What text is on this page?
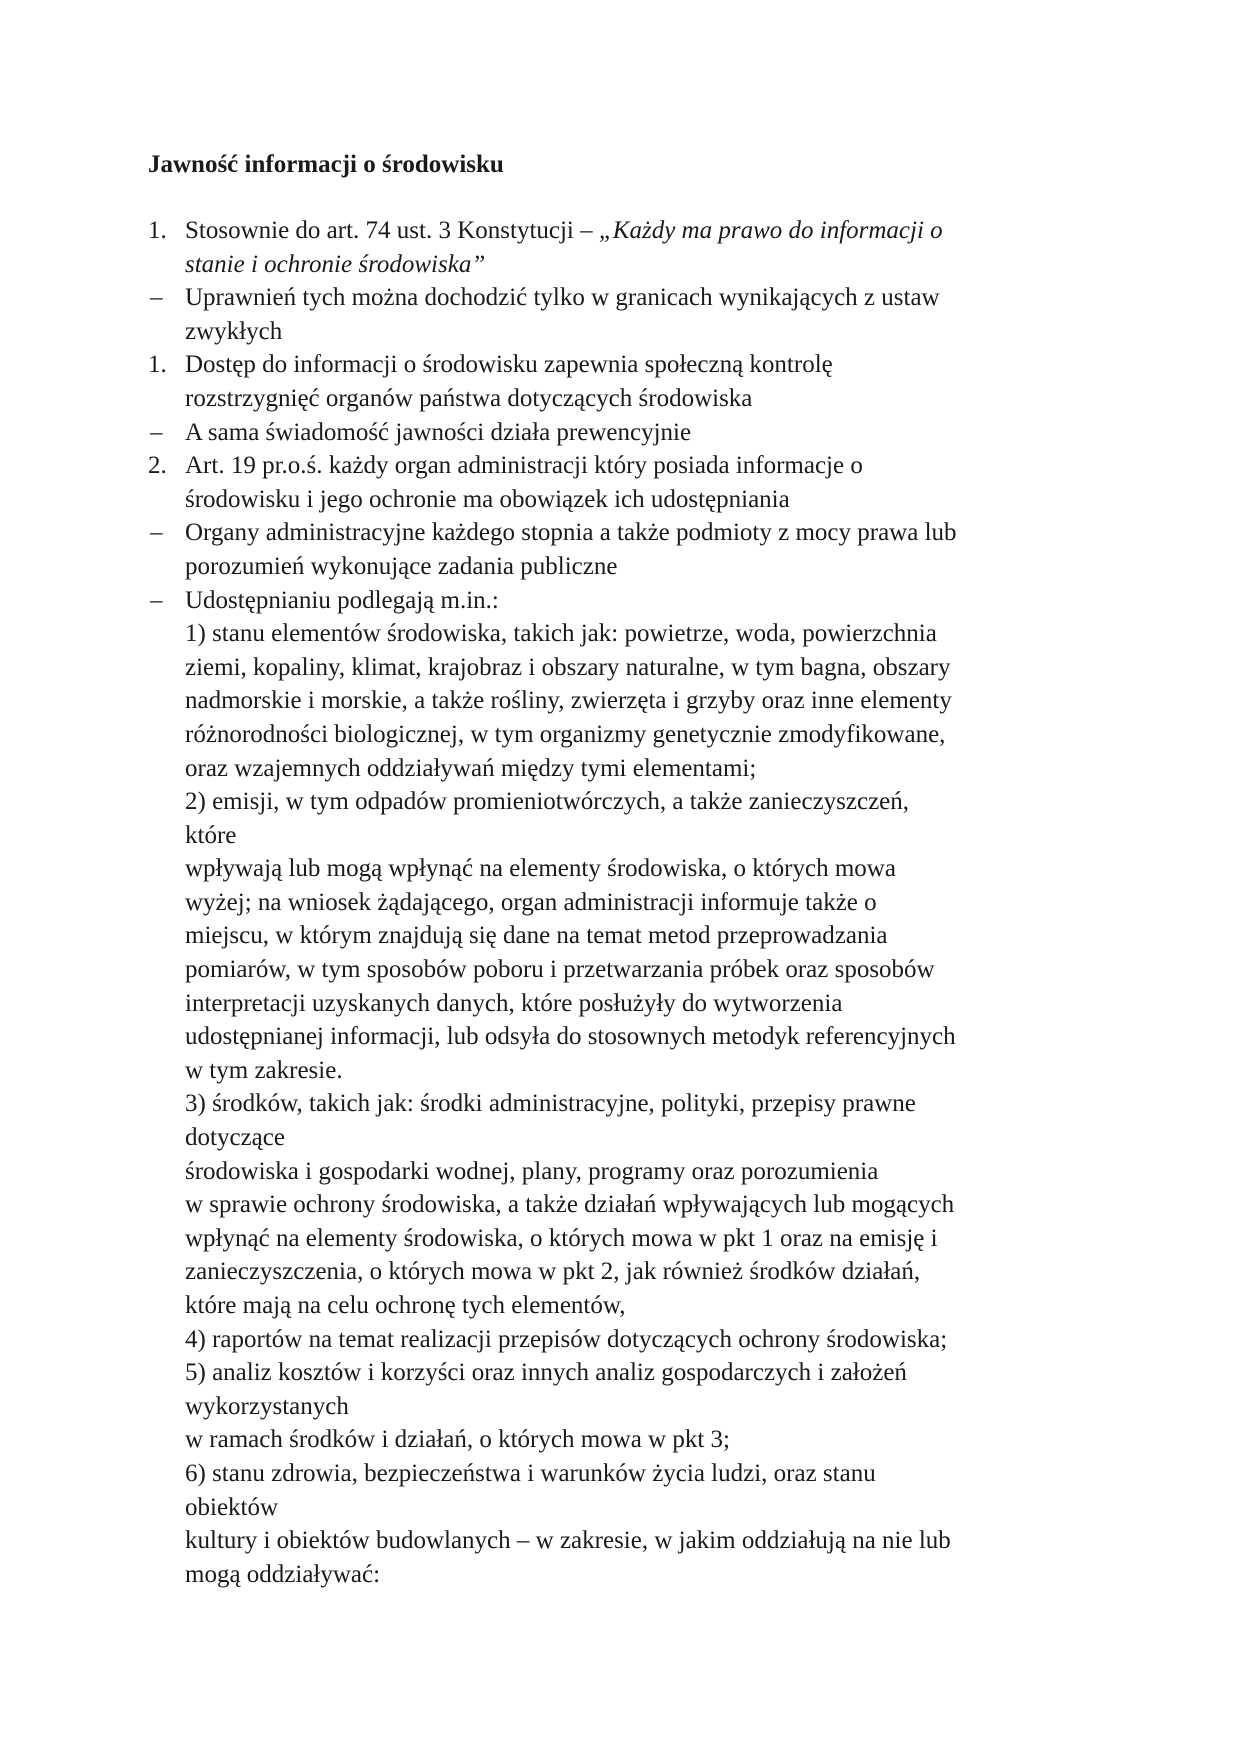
Jawność informacji o środowisku
1. Stosownie do art. 74 ust. 3 Konstytucji – „Każdy ma prawo do informacji o
stanie i ochronie środowiska”
– Uprawnień tych można dochodzić tylko w granicach wynikających z ustaw
zwykłych
1. Dostęp do informacji o środowisku zapewnia społeczną kontrolę
rozstrzygnięć organów państwa dotyczących środowiska
– A sama świadomość jawności działa prewencyjnie
2. Art. 19 pr.o.ś. każdy organ administracji który posiada informacje o
środowisku i jego ochronie ma obowiązek ich udostępniania
– Organy administracyjne każdego stopnia a także podmioty z mocy prawa lub
porozumień wykonujące zadania publiczne
– Udostępnianiu podlegają m.in.:
1) stanu elementów środowiska, takich jak: powietrze, woda, powierzchnia
ziemi, kopaliny, klimat, krajobraz i obszary naturalne, w tym bagna, obszary
nadmorskie i morskie, a także rośliny, zwierzęta i grzyby oraz inne elementy
różnorodności biologicznej, w tym organizmy genetycznie zmodyfikowane,
oraz wzajemnych oddziaływań między tymi elementami;
2) emisji, w tym odpadów promieniotwórczych, a także zanieczyszczeń,
które
wpływają lub mogą wpłynąć na elementy środowiska, o których mowa
wyżej; na wniosek żądającego, organ administracji informuje także o
miejscu, w którym znajdują się dane na temat metod przeprowadzania
pomiarów, w tym sposobów poboru i przetwarzania próbek oraz sposobów
interpretacji uzyskanych danych, które posłużyły do wytworzenia
udostępnianej informacji, lub odsyła do stosownych metodyk referencyjnych
w tym zakresie.
3) środków, takich jak: środki administracyjne, polityki, przepisy prawne
dotyczące
środowiska i gospodarki wodnej, plany, programy oraz porozumienia
w sprawie ochrony środowiska, a także działań wpływających lub mogących
wpłynąć na elementy środowiska, o których mowa w pkt 1 oraz na emisję i
zanieczyszczenia, o których mowa w pkt 2, jak również środków działań,
które mają na celu ochronę tych elementów,
4) raportów na temat realizacji przepisów dotyczących ochrony środowiska;
5) analiz kosztów i korzyści oraz innych analiz gospodarczych i założeń
wykorzystanych
w ramach środków i działań, o których mowa w pkt 3;
6) stanu zdrowia, bezpieczeństwa i warunków życia ludzi, oraz stanu
obiektów
kultury i obiektów budowlanych – w zakresie, w jakim oddziałują na nie lub
mogą oddziaływać:
